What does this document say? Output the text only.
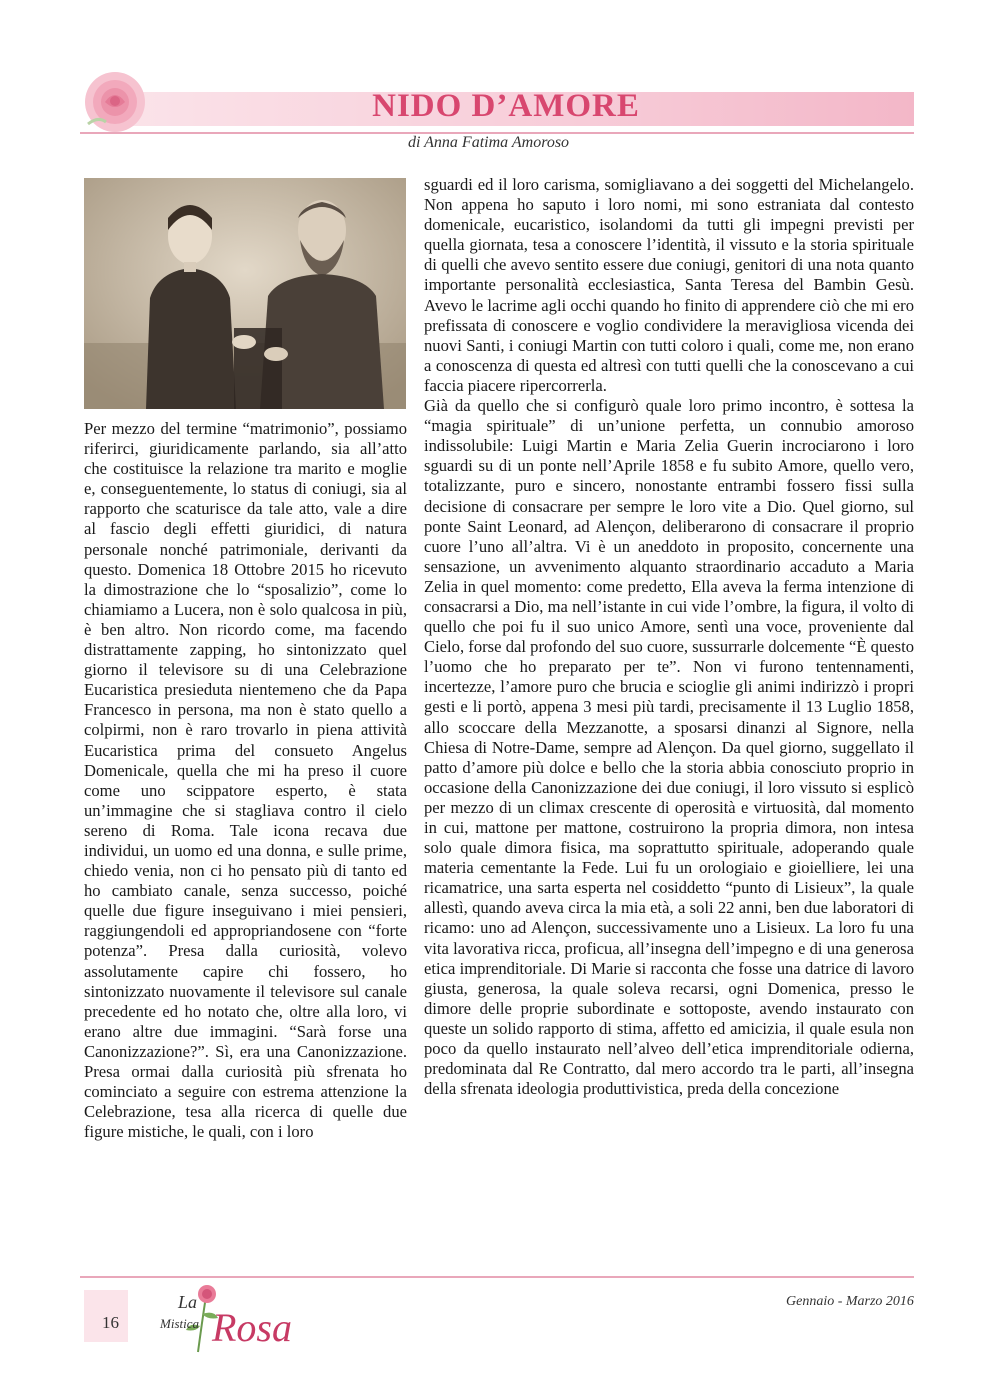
NIDO D’AMORE
di Anna Fatima Amoroso

Per mezzo del termine “matrimonio”, possiamo riferirci, giuridicamente parlando, sia all’atto che costituisce la relazione tra marito e moglie e, conseguentemente, lo status di coniugi, sia al rapporto che scaturisce da tale atto, vale a dire al fascio degli effetti giuridici, di natura personale nonché patrimoniale, derivanti da questo. Domenica 18 Ottobre 2015 ho ricevuto la dimostrazione che lo “sposalizio”, come lo chiamiamo a Lucera, non è solo qualcosa in più, è ben altro. Non ricordo come, ma facendo distrattamente zapping, ho sintonizzato quel giorno il televisore su di una Celebrazione Eucaristica presieduta nientemeno che da Papa Francesco in persona, ma non è stato quello a colpirmi, non è raro trovarlo in piena attività Eucaristica prima del consueto Angelus Domenicale, quella che mi ha preso il cuore come uno scippatore esperto, è stata un’immagine che si stagliava contro il cielo sereno di Roma. Tale icona recava due individui, un uomo ed una donna, e sulle prime, chiedo venia, non ci ho pensato più di tanto ed ho cambiato canale, senza successo, poiché quelle due figure inseguivano i miei pensieri, raggiungendoli ed appropriandosene con “forte potenza”. Presa dalla curiosità, volevo assolutamente capire chi fossero, ho sintonizzato nuovamente il televisore sul canale precedente ed ho notato che, oltre alla loro, vi erano altre due immagini. “Sarà forse una Canonizzazione?”. Sì, era una Canonizzazione. Presa ormai dalla curiosità più sfrenata ho cominciato a seguire con estrema attenzione la Celebrazione, tesa alla ricerca di quelle due figure mistiche, le quali, con i loro

sguardi ed il loro carisma, somigliavano a dei soggetti del Michelangelo. Non appena ho saputo i loro nomi, mi sono estraniata dal contesto domenicale, eucaristico, isolandomi da tutti gli impegni previsti per quella giornata, tesa a conoscere l’identità, il vissuto e la storia spirituale di quelli che avevo sentito essere due coniugi, genitori di una nota quanto importante personalità ecclesiastica, Santa Teresa del Bambin Gesù. Avevo le lacrime agli occhi quando ho finito di apprendere ciò che mi ero prefissata di conoscere e voglio condividere la meravigliosa vicenda dei nuovi Santi, i coniugi Martin con tutti coloro i quali, come me, non erano a conoscenza di questa ed altresì con tutti quelli che la conoscevano a cui faccia piacere ripercorrerla.

Già da quello che si configurò quale loro primo incontro, è sottesa la “magia spirituale” di un’unione perfetta, un connubio amoroso indissolubile: Luigi Martin e Maria Zelia Guerin incrociarono i loro sguardi su di un ponte nell’Aprile 1858 e fu subito Amore, quello vero, totalizzante, puro e sincero, nonostante entrambi fossero fissi sulla decisione di consacrare per sempre le loro vite a Dio. Quel giorno, sul ponte Saint Leonard, ad Alençon, deliberarono di consacrare il proprio cuore l’uno all’altra. Vi è un aneddoto in proposito, concernente una sensazione, un avvenimento alquanto straordinario accaduto a Maria Zelia in quel momento: come predetto, Ella aveva la ferma intenzione di consacrarsi a Dio, ma nell’istante in cui vide l’ombre, la figura, il volto di quello che poi fu il suo unico Amore, sentì una voce, proveniente dal Cielo, forse dal profondo del suo cuore, sussurrarle dolcemente “È questo l’uomo che ho preparato per te”. Non vi furono tentennamenti, incertezze, l’amore puro che brucia e scioglie gli animi indirizzò i propri gesti e li portò, appena 3 mesi più tardi, precisamente il 13 Luglio 1858, allo scoccare della Mezzanotte, a sposarsi dinanzi al Signore, nella Chiesa di Notre-Dame, sempre ad Alençon. Da quel giorno, suggellato il patto d’amore più dolce e bello che la storia abbia conosciuto proprio in occasione della Canonizzazione dei due coniugi, il loro vissuto si esplicò per mezzo di un climax crescente di operosità e virtuosità, dal momento in cui, mattone per mattone, costruirono la propria dimora, non intesa solo quale dimora fisica, ma soprattutto spirituale, adoperando quale materia cementante la Fede. Lui fu un orologiaio e gioielliere, lei una ricamatrice, una sarta esperta nel cosiddetto “punto di Lisieux”, la quale allestì, quando aveva circa la mia età, a soli 22 anni, ben due laboratori di ricamo: uno ad Alençon, successivamente uno a Lisieux. La loro fu una vita lavorativa ricca, proficua, all’insegna dell’impegno e di una generosa etica imprenditoriale. Di Marie si racconta che fosse una datrice di lavoro giusta, generosa, la quale soleva recarsi, ogni Domenica, presso le dimore delle proprie subordinate e sottoposte, avendo instaurato con queste un solido rapporto di stima, affetto ed amicizia, il quale esula non poco da quello instaurato nell’alveo dell’etica imprenditoriale odierna, predominata dal Re Contratto, dal mero accordo tra le parti, all’insegna della sfrenata ideologia produttivistica, preda della concezione

16
La
Mistica Rosa
Gennaio - Marzo 2016
